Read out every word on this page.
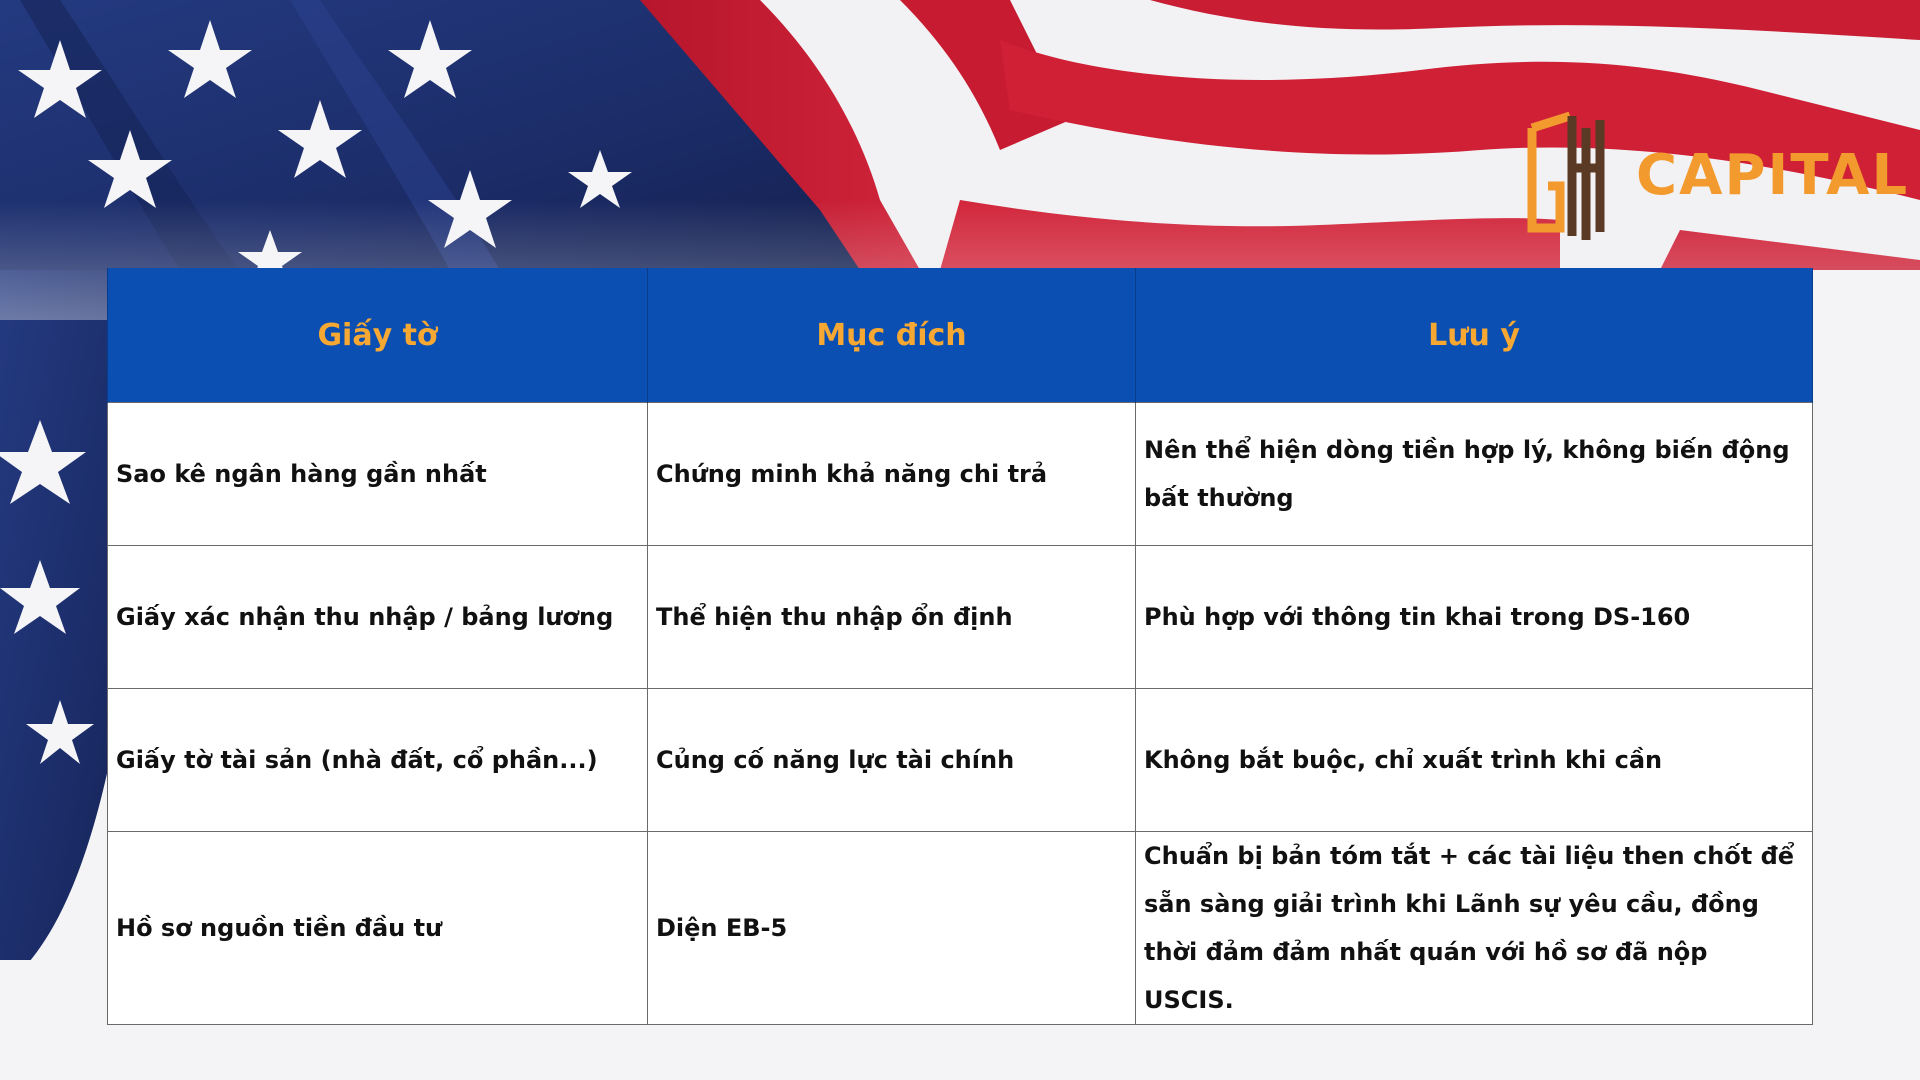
CAPITAL
Giấy tờ	Mục đích	Lưu ý
Sao kê ngân hàng gần nhất	Chứng minh khả năng chi trả	Nên thể hiện dòng tiền hợp lý, không biến động bất thường
Giấy xác nhận thu nhập / bảng lương	Thể hiện thu nhập ổn định	Phù hợp với thông tin khai trong DS-160
Giấy tờ tài sản (nhà đất, cổ phần...)	Củng cố năng lực tài chính	Không bắt buộc, chỉ xuất trình khi cần
Hồ sơ nguồn tiền đầu tư	Diện EB-5	Chuẩn bị bản tóm tắt + các tài liệu then chốt để sẵn sàng giải trình khi Lãnh sự yêu cầu, đồng thời đảm đảm nhất quán với hồ sơ đã nộp USCIS.
